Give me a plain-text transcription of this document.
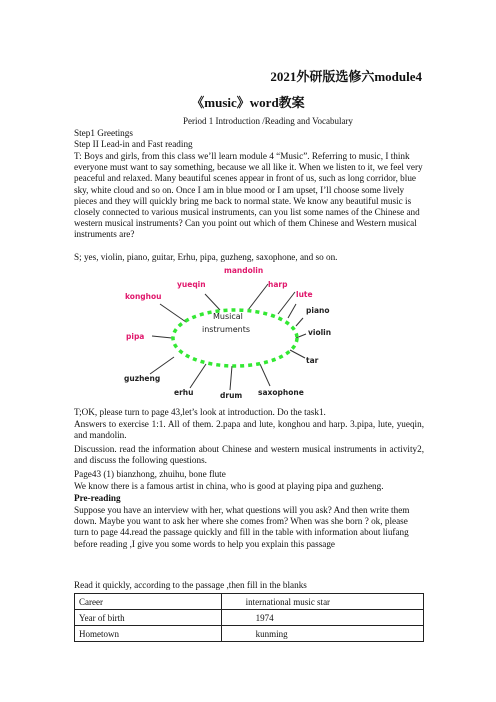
2021外研版选修六module4
《music》word教案
Period 1 Introduction /Reading and Vocabulary

Step1 Greetings

Step II Lead-in and Fast reading

T: Boys and girls, from this class we’ll learn module 4 “Music”. Referring to music, I think everyone must want to say something, because we all like it. When we listen to it, we feel very peaceful and relaxed. Many beautiful scenes appear in front of us, such as long corridor, blue sky, white cloud and so on. Once I am in blue mood or I am upset, I’ll choose some lively pieces and they will quickly bring me back to normal state. We know any beautiful music is closely connected to various musical instruments, can you list some names of the Chinese and western musical instruments? Can you point out which of them Chinese and Western musical instruments are?

S; yes, violin, piano, guitar, Erhu, pipa, guzheng, saxophone, and so on.

Musical
instruments
mandolin
yueqin	harp
konghou	lute
piano
pipa	violin
tar
guzheng
erhu	drum saxophone

T;OK, please turn to page 43,let’s look at introduction. Do the task1.

Answers to exercise 1:1. All of them. 2.papa and lute, konghou and harp. 3.pipa, lute, yueqin, and mandolin.

Discussion. read the information about Chinese and western musical instruments in activity2, and discuss the following questions.

Page43 (1) bianzhong, zhuihu, bone flute

We know there is a famous artist in china, who is good at playing pipa and guzheng.

Pre-reading

Suppose you have an interview with her, what questions will you ask? And then write them down. Maybe you want to ask her where she comes from? When was she born ? ok, please turn to page 44.read the passage quickly and fill in the table with information about liufang before reading ,I give you some words to help you explain this passage

Read it quickly, according to the passage ,then fill in the blanks

Career	international music star
Year of birth	1974
Hometown	kunming
